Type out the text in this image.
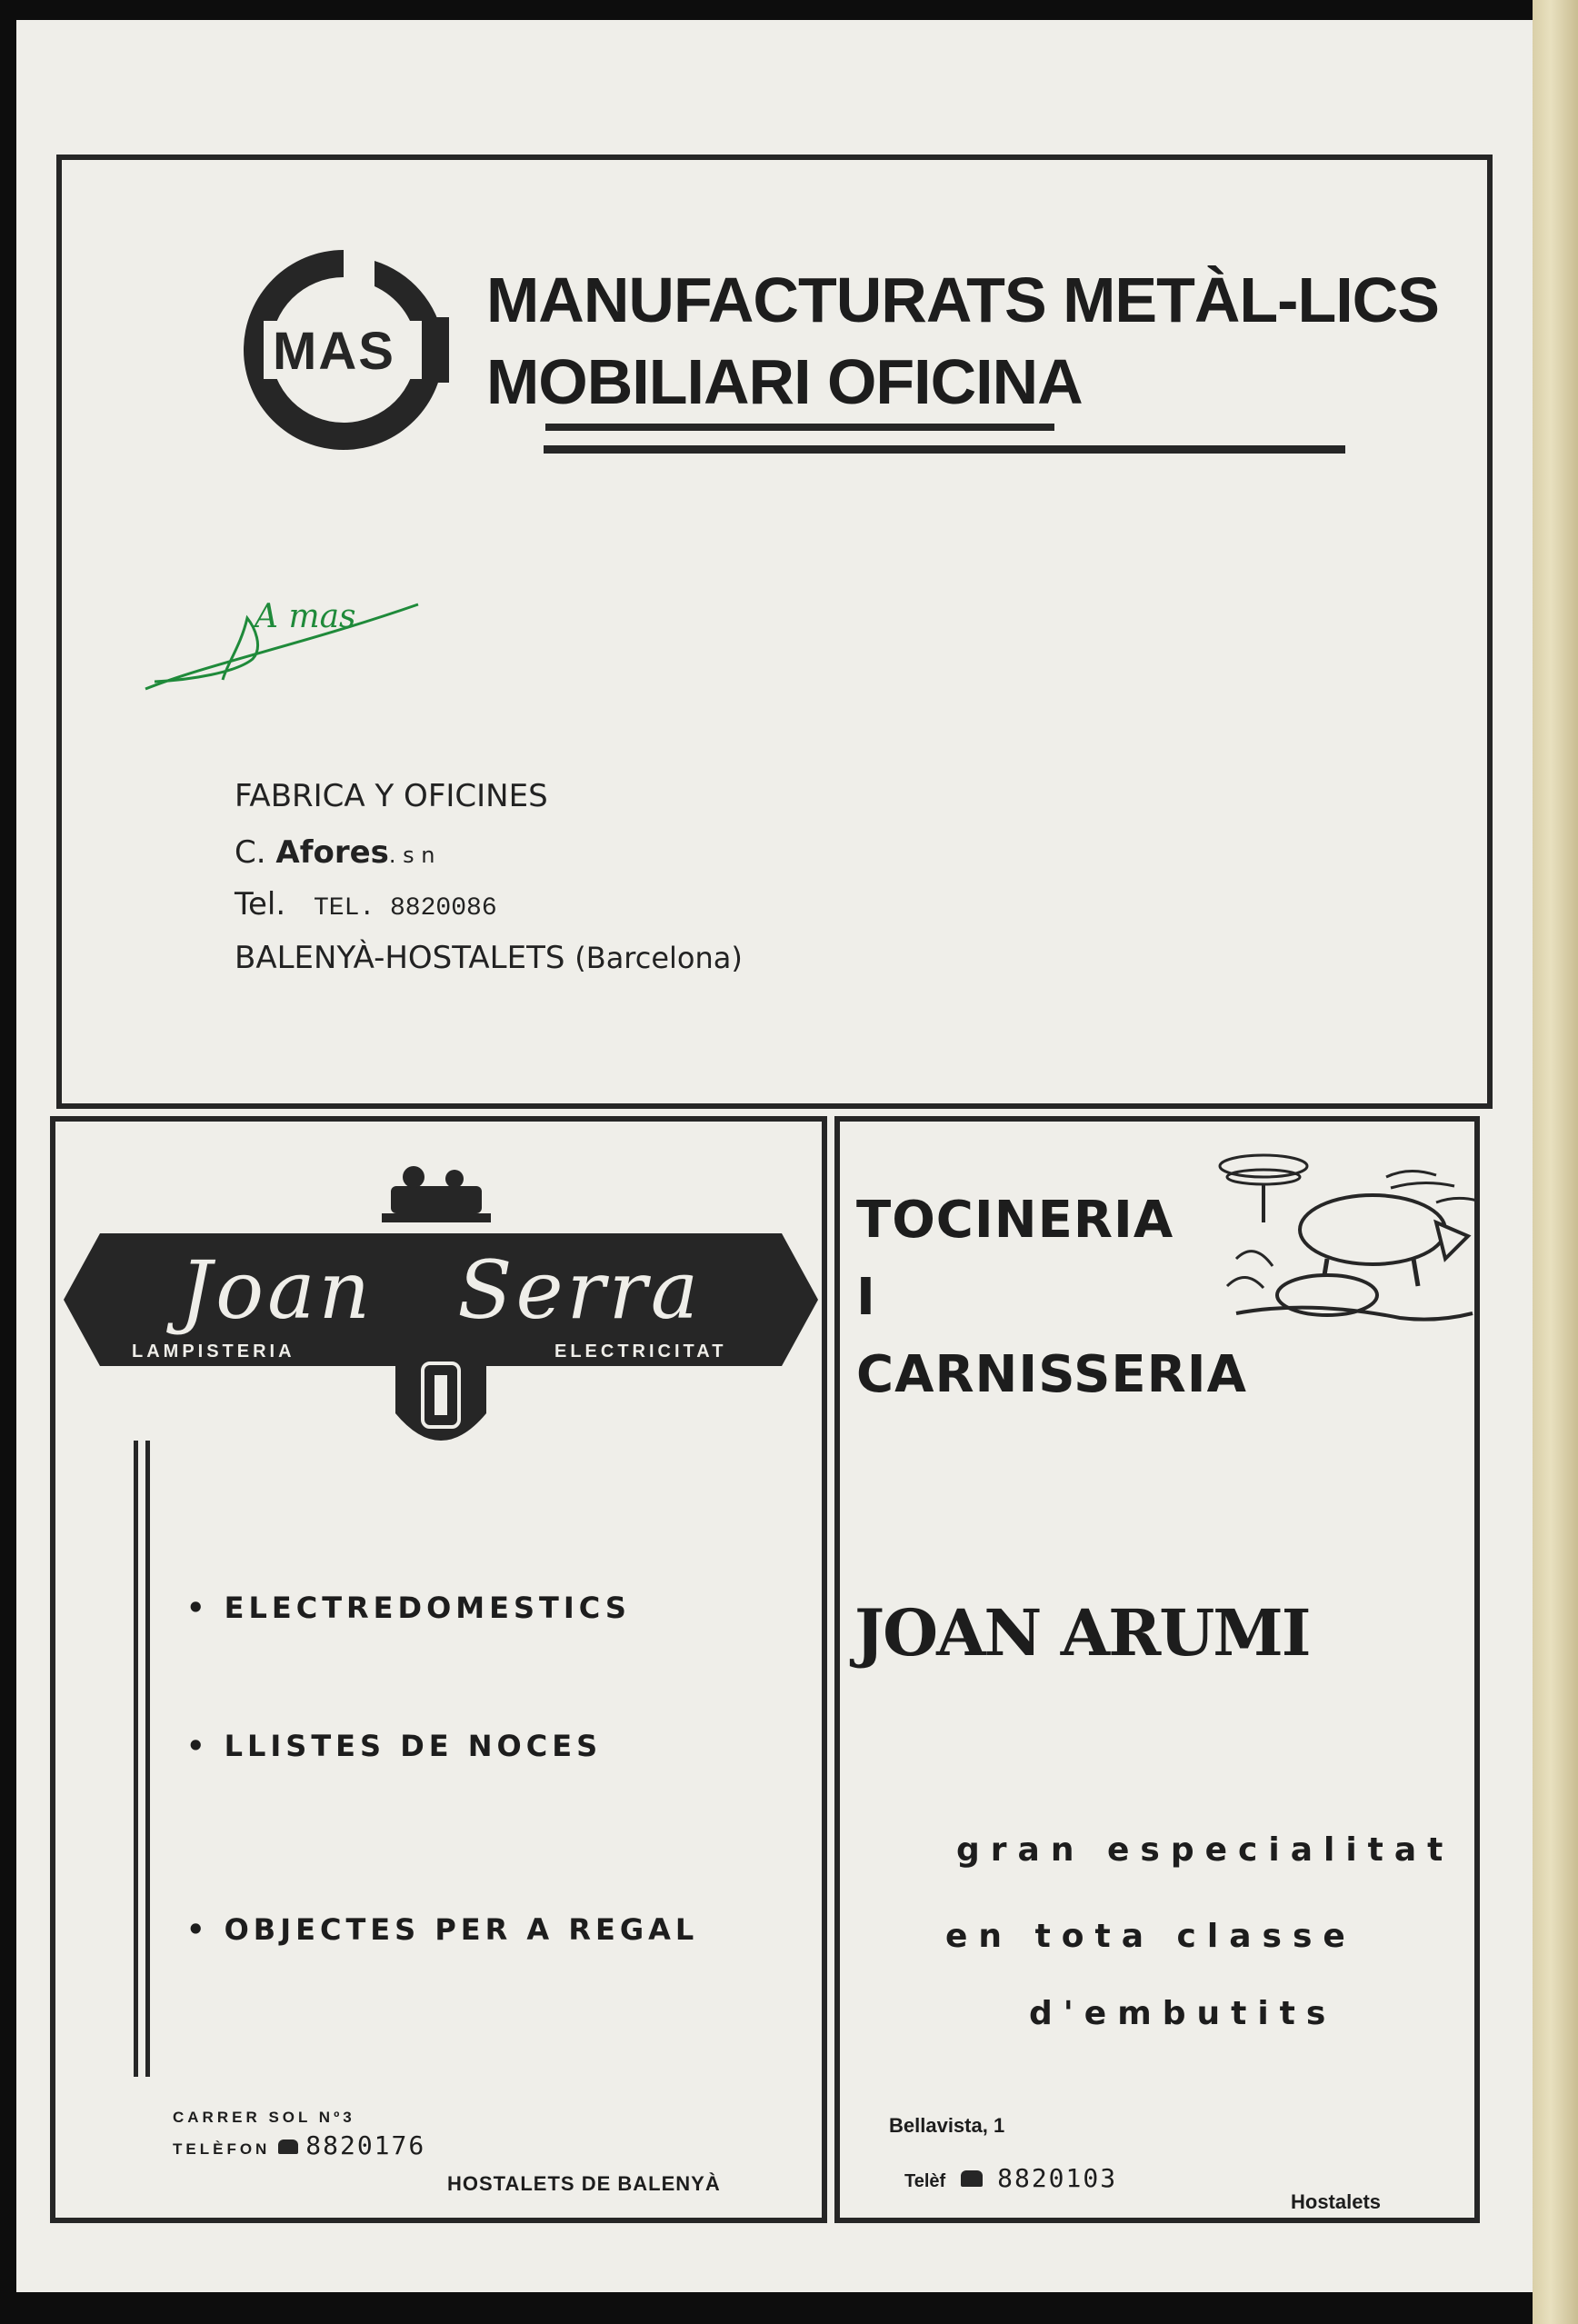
MAS
MANUFACTURATS METÀL-LICS
MOBILIARI OFICINA
A mas
FABRICA Y OFICINES
C. Afores. s n
Tel. TEL. 8820086
BALENYÀ-HOSTALETS (Barcelona)
Joan Serra
LAMPISTERIA	ELECTRICITAT
• ELECTREDOMESTICS
• LLISTES DE NOCES
• OBJECTES PER A REGAL
CARRER SOL Nº3
TELÈFON 8820176
HOSTALETS DE BALENYÀ
TOCINERIA
I
CARNISSERIA
JOAN ARUMI
gran especialitat
en tota classe
d'embutits
Bellavista, 1
Telèf 8820103
Hostalets
